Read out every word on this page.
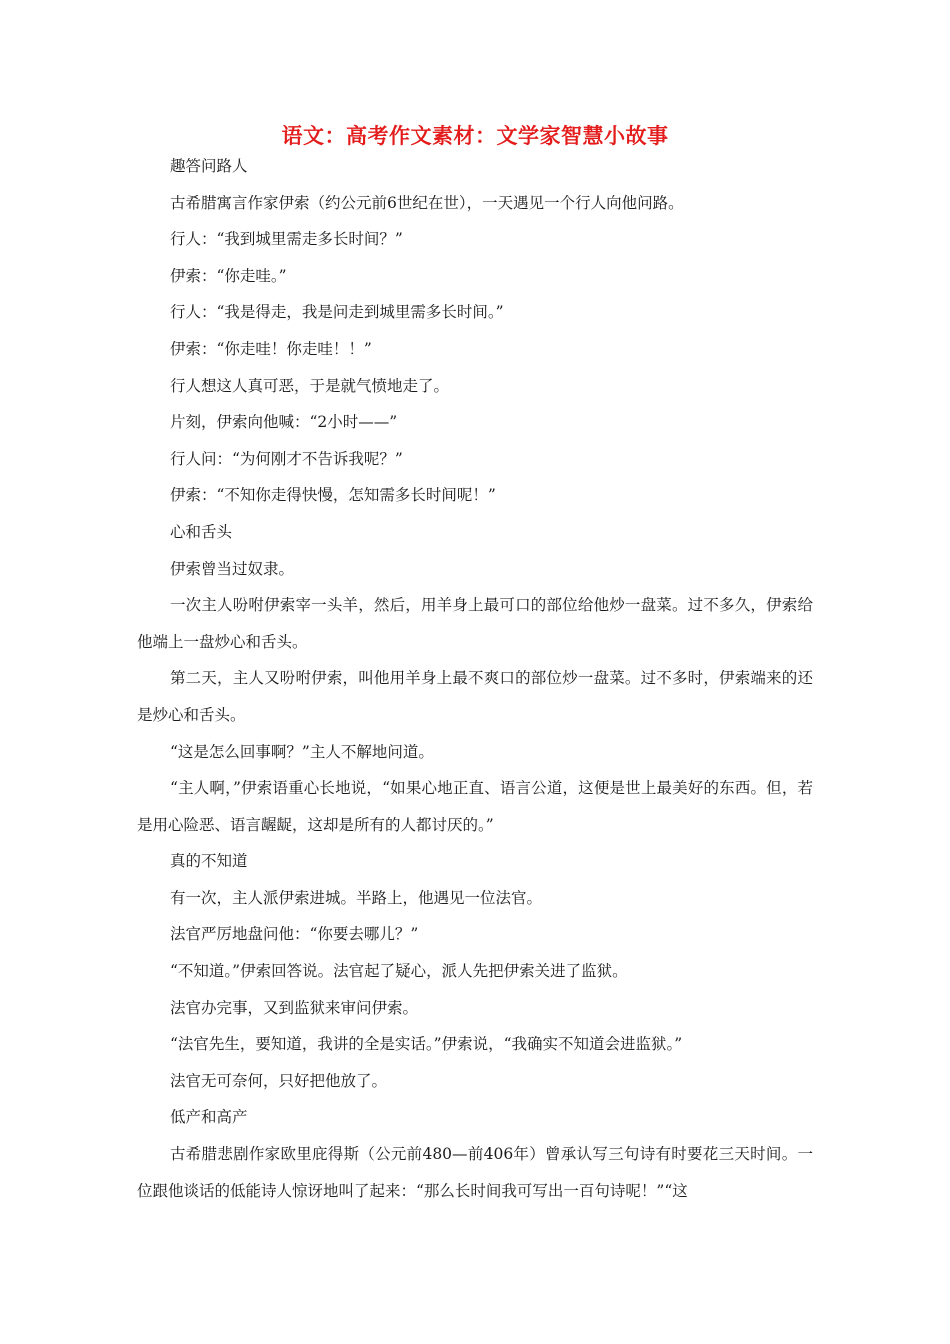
语文：高考作文素材：文学家智慧小故事

趣答问路人

古希腊寓言作家伊索（约公元前6世纪在世），一天遇见一个行人向他问路。

行人：“我到城里需走多长时间？”

伊索：“你走哇。”

行人：“我是得走，我是问走到城里需多长时间。”

伊索：“你走哇！你走哇！！”

行人想这人真可恶，于是就气愤地走了。

片刻，伊索向他喊：“2小时——”

行人问：“为何刚才不告诉我呢？”

伊索：“不知你走得快慢，怎知需多长时间呢！”

心和舌头

伊索曾当过奴隶。

一次主人吩咐伊索宰一头羊，然后，用羊身上最可口的部位给他炒一盘菜。过不多久，伊索给他端上一盘炒心和舌头。

第二天，主人又吩咐伊索，叫他用羊身上最不爽口的部位炒一盘菜。过不多时，伊索端来的还是炒心和舌头。

“这是怎么回事啊？”主人不解地问道。

“主人啊，”伊索语重心长地说，“如果心地正直、语言公道，这便是世上最美好的东西。但，若是用心险恶、语言龌龊，这却是所有的人都讨厌的。”

真的不知道

有一次，主人派伊索进城。半路上，他遇见一位法官。

法官严厉地盘问他：“你要去哪儿？”

“不知道。”伊索回答说。法官起了疑心，派人先把伊索关进了监狱。

法官办完事，又到监狱来审问伊索。

“法官先生，要知道，我讲的全是实话。”伊索说，“我确实不知道会进监狱。”

法官无可奈何，只好把他放了。

低产和高产

古希腊悲剧作家欧里庇得斯（公元前480—前406年）曾承认写三句诗有时要花三天时间。一位跟他谈话的低能诗人惊讶地叫了起来：“那么长时间我可写出一百句诗呢！”“这
